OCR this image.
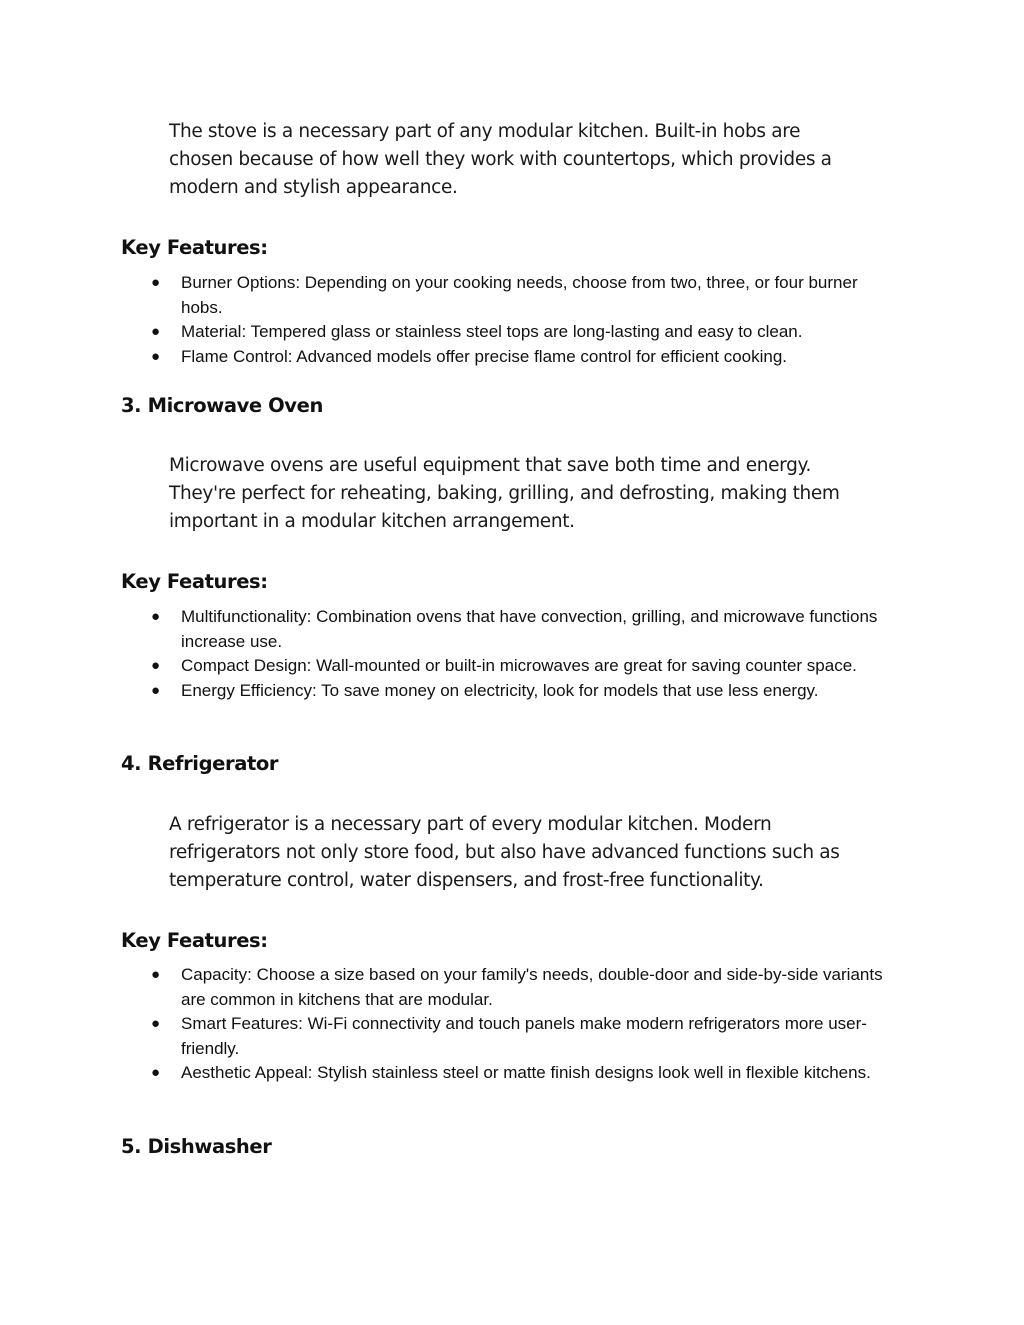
The stove is a necessary part of any modular kitchen. Built-in hobs are chosen because of how well they work with countertops, which provides a modern and stylish appearance.

Key Features:
● Burner Options: Depending on your cooking needs, choose from two, three, or four burner hobs.
● Material: Tempered glass or stainless steel tops are long-lasting and easy to clean.
● Flame Control: Advanced models offer precise flame control for efficient cooking.
3. Microwave Oven

Microwave ovens are useful equipment that save both time and energy. They're perfect for reheating, baking, grilling, and defrosting, making them important in a modular kitchen arrangement.

Key Features:
● Multifunctionality: Combination ovens that have convection, grilling, and microwave functions increase use.
● Compact Design: Wall-mounted or built-in microwaves are great for saving counter space.
● Energy Efficiency: To save money on electricity, look for models that use less energy.
4. Refrigerator

A refrigerator is a necessary part of every modular kitchen. Modern refrigerators not only store food, but also have advanced functions such as temperature control, water dispensers, and frost-free functionality.

Key Features:
● Capacity: Choose a size based on your family's needs, double-door and side-by-side variants are common in kitchens that are modular.
● Smart Features: Wi-Fi connectivity and touch panels make modern refrigerators more user-friendly.
● Aesthetic Appeal: Stylish stainless steel or matte finish designs look well in flexible kitchens.
5. Dishwasher
